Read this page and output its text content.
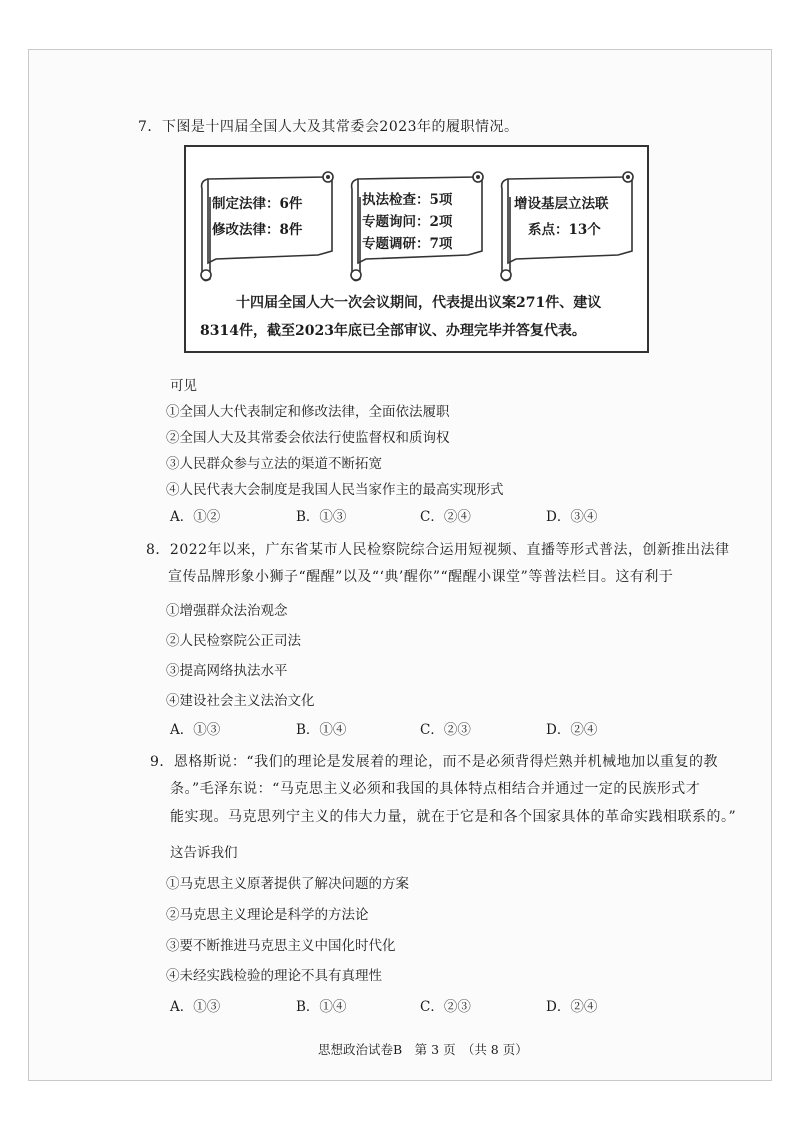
7．下图是十四届全国人大及其常委会2023年的履职情况。
制定法律：6件
修改法律：8件
执法检查：5项
专题询问：2项
专题调研：7项
增设基层立法联
系点：13个
十四届全国人大一次会议期间，代表提出议案271件、建议
8314件，截至2023年底已全部审议、办理完毕并答复代表。
可见
①全国人大代表制定和修改法律，全面依法履职
②全国人大及其常委会依法行使监督权和质询权
③人民群众参与立法的渠道不断拓宽
④人民代表大会制度是我国人民当家作主的最高实现形式
A．①②	B．①③	C．②④	D．③④
8．2022年以来，广东省某市人民检察院综合运用短视频、直播等形式普法，创新推出法律
宣传品牌形象小狮子“醒醒”以及“‘典’醒你”“醒醒小课堂”等普法栏目。这有利于
①增强群众法治观念
②人民检察院公正司法
③提高网络执法水平
④建设社会主义法治文化
A．①③	B．①④	C．②③	D．②④
9．恩格斯说：“我们的理论是发展着的理论，而不是必须背得烂熟并机械地加以重复的教
条。”毛泽东说：“马克思主义必须和我国的具体特点相结合并通过一定的民族形式才
能实现。马克思列宁主义的伟大力量，就在于它是和各个国家具体的革命实践相联系的。”
这告诉我们
①马克思主义原著提供了解决问题的方案
②马克思主义理论是科学的方法论
③要不断推进马克思主义中国化时代化
④未经实践检验的理论不具有真理性
A．①③	B．①④	C．②③	D．②④
思想政治试卷B　第 3 页　（共 8 页）
